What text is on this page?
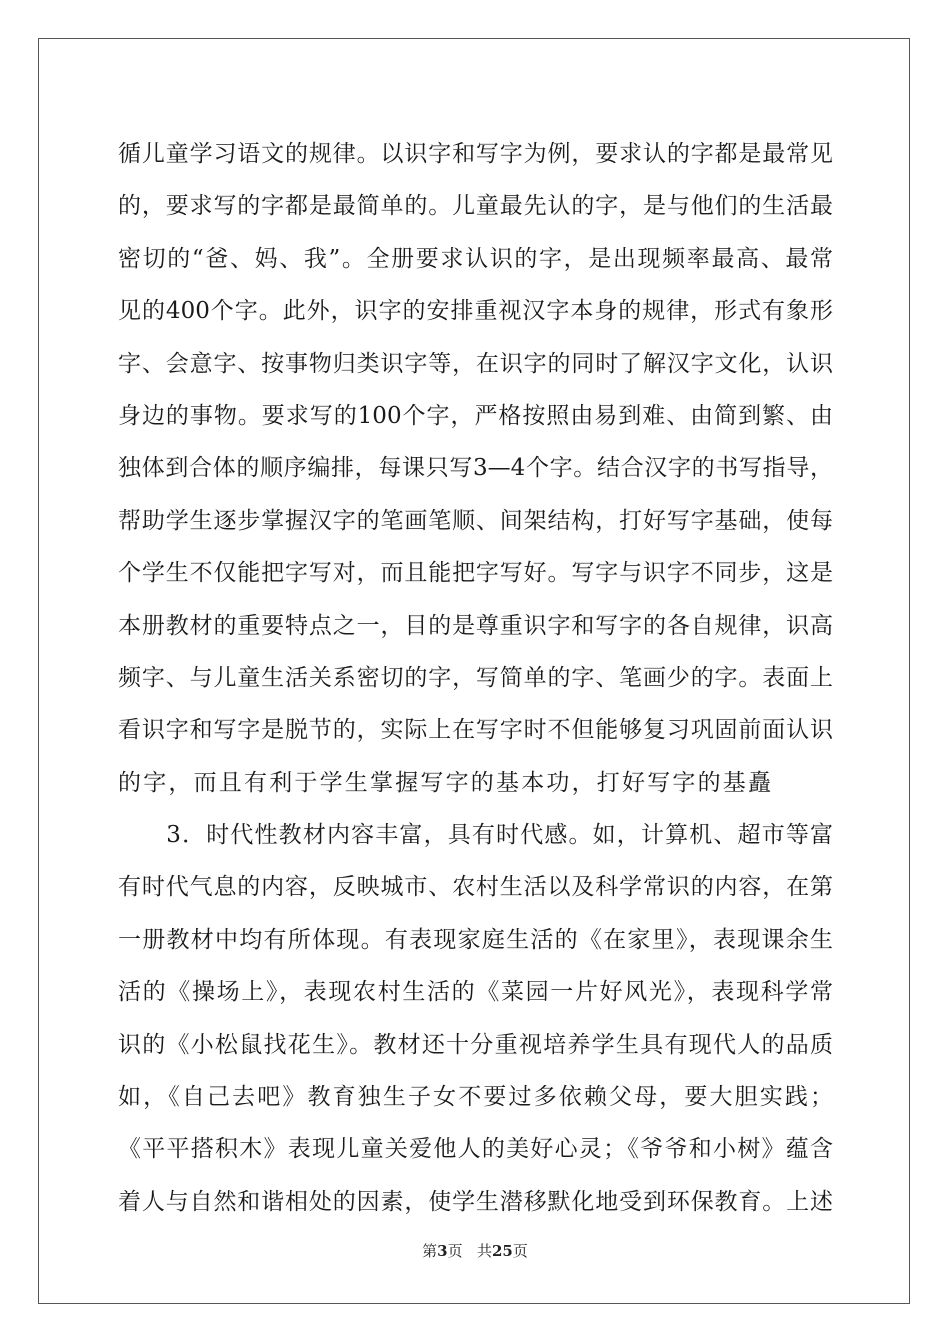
循儿童学习语文的规律。以识字和写字为例，要求认的字都是最常见
的，要求写的字都是最简单的。儿童最先认的字，是与他们的生活最
密切的“爸、妈、我”。全册要求认识的字，是出现频率最高、最常
见的400个字。此外，识字的安排重视汉字本身的规律，形式有象形
字、会意字、按事物归类识字等，在识字的同时了解汉字文化，认识
身边的事物。要求写的100个字，严格按照由易到难、由简到繁、由
独体到合体的顺序编排，每课只写3—4个字。结合汉字的书写指导，
帮助学生逐步掌握汉字的笔画笔顺、间架结构，打好写字基础，使每
个学生不仅能把字写对，而且能把字写好。写字与识字不同步，这是
本册教材的重要特点之一，目的是尊重识字和写字的各自规律，识高
频字、与儿童生活关系密切的字，写简单的字、笔画少的字。表面上
看识字和写字是脱节的，实际上在写字时不但能够复习巩固前面认识
的字，而且有利于学生掌握写字的基本功，打好写字的基矗
　　3．时代性教材内容丰富，具有时代感。如，计算机、超市等富
有时代气息的内容，反映城市、农村生活以及科学常识的内容，在第
一册教材中均有所体现。有表现家庭生活的《在家里》，表现课余生
活的《操场上》，表现农村生活的《菜园一片好风光》，表现科学常
识的《小松鼠找花生》。教材还十分重视培养学生具有现代人的品质
如，《自己去吧》教育独生子女不要过多依赖父母，要大胆实践；
《平平搭积木》表现儿童关爱他人的美好心灵；《爷爷和小树》蕴含
着人与自然和谐相处的因素，使学生潜移默化地受到环保教育。上述
第3页 共25页
